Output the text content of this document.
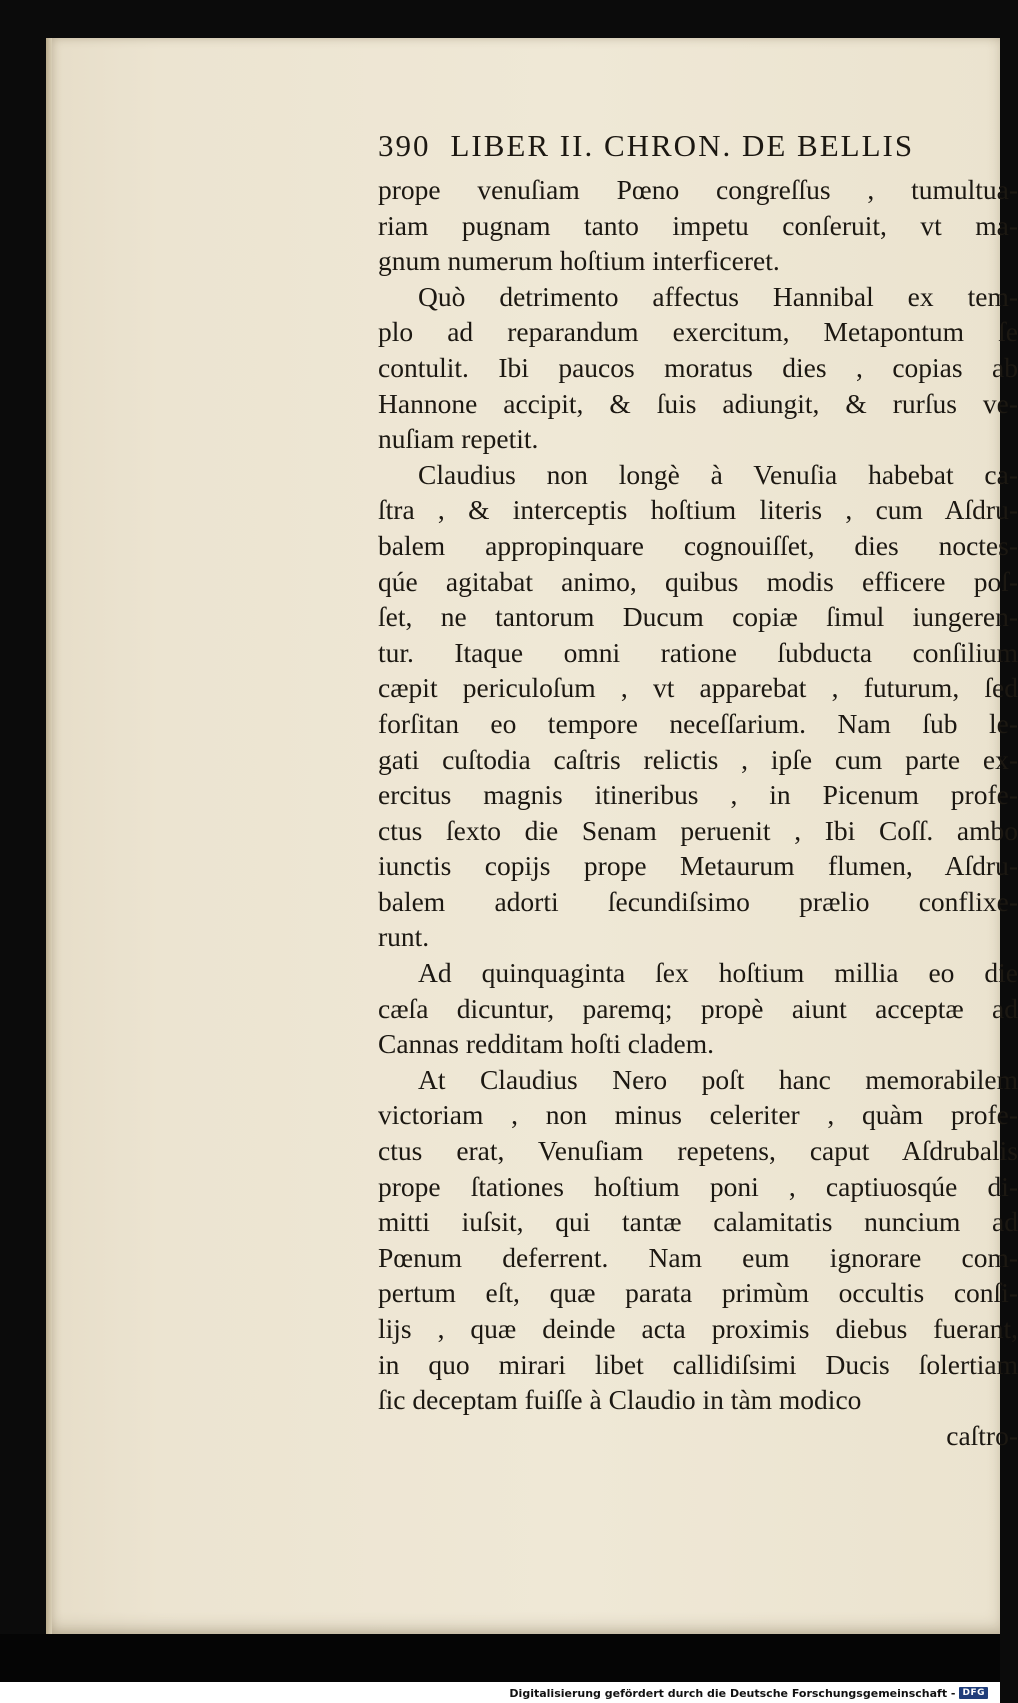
390 LIBER II. CHRON. DE BELLIS
prope venuſiam Pœno congreſſus , tumultua-
riam pugnam tanto impetu conſeruit, vt ma-
gnum numerum hoſtium interficeret.
Quò detrimento affectus Hannibal ex tem-
plo ad reparandum exercitum, Metapontum ſe
contulit. Ibi paucos moratus dies , copias ab
Hannone accipit, & ſuis adiungit, & rurſus ve-
nuſiam repetit.
Claudius non longè à Venuſia habebat ca-
ſtra , & interceptis hoſtium literis , cum Aſdru-
balem appropinquare cognouiſſet, dies noctes-
qúe agitabat animo, quibus modis efficere poſ-
ſet, ne tantorum Ducum copiæ ſimul iungeren-
tur. Itaque omni ratione ſubducta conſilium
cæpit periculoſum , vt apparebat , futurum, ſed
forſitan eo tempore neceſſarium. Nam ſub le-
gati cuſtodia caſtris relictis , ipſe cum parte ex-
ercitus magnis itineribus , in Picenum profe-
ctus ſexto die Senam peruenit , Ibi Coſſ. ambo
iunctis copijs prope Metaurum flumen, Aſdru-
balem adorti ſecundiſsimo prælio conflixe-
runt.
Ad quinquaginta ſex hoſtium millia eo die
cæſa dicuntur, paremq; propè aiunt acceptæ ad
Cannas redditam hoſti cladem.
At Claudius Nero poſt hanc memorabilem
victoriam , non minus celeriter , quàm profe-
ctus erat, Venuſiam repetens, caput Aſdrubalis
prope ſtationes hoſtium poni , captiuosqúe di-
mitti iuſsit, qui tantæ calamitatis nuncium ad
Pœnum deferrent. Nam eum ignorare com-
pertum eſt, quæ parata primùm occultis conſi-
lijs , quæ deinde acta proximis diebus fuerant,
in quo mirari libet callidiſsimi Ducis ſolertiam
ſic deceptam fuiſſe à Claudio in tàm modico
caſtro-
Digitalisierung gefördert durch die Deutsche Forschungsgemeinschaft - DFG
